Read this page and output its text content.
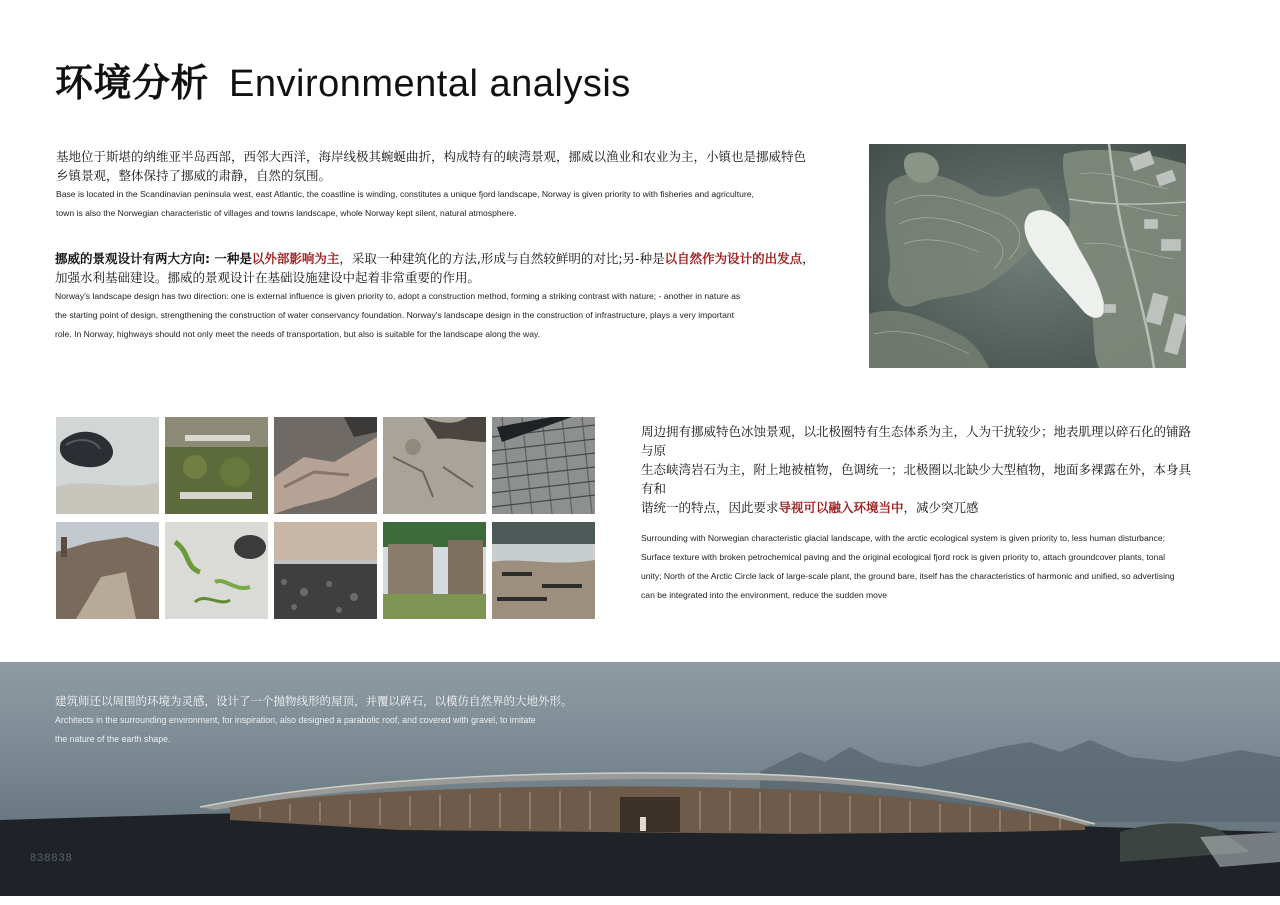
环境分析 Environmental analysis

基地位于斯堪的纳维亚半岛西部，西邻大西洋，海岸线极其蜿蜒曲折，构成特有的峡湾景观，挪威以渔业和农业为主，小镇也是挪威特色

乡镇景观，整体保持了挪威的肃静，自然的氛围。

Base is located in the Scandinavian peninsula west, east Atlantic, the coastline is winding, constitutes a unique fjord landscape, Norway is given priority to with fisheries and agriculture,

town is also the Norwegian characteristic of villages and towns landscape, whole Norway kept silent, natural atmosphere.

挪威的景观设计有两大方向: 一种是以外部影响为主，采取一种建筑化的方法,形成与自然较鲜明的对比;另-种是以自然作为设计的出发点，

加强水利基础建设。挪威的景观设计在基础设施建设中起着非常重要的作用。

Norway's landscape design has two direction: one is external influence is given priority to, adopt a construction method, forming a striking contrast with nature; - another in nature as

the starting point of design, strengthening the construction of water conservancy foundation. Norway's landscape design in the construction of infrastructure, plays a very important

role. In Norway, highways should not only meet the needs of transportation, but also is suitable for the landscape along the way.

周边拥有挪威特色冰蚀景观，以北极圈特有生态体系为主，人为干扰较少；地表肌理以碎石化的铺路与原

生态峡湾岩石为主，附上地被植物，色调统一；北极圈以北缺少大型植物，地面多裸露在外，本身具有和

谐统一的特点，因此要求导视可以融入环境当中，减少突兀感

Surrounding with Norwegian characteristic glacial landscape, with the arctic ecological system is given priority to, less human disturbance;

Surface texture with broken petrochemical paving and the original ecological fjord rock is given priority to, attach groundcover plants, tonal

unity; North of the Arctic Circle lack of large-scale plant, the ground bare, itself has the characteristics of harmonic and unified, so advertising

can be integrated into the environment, reduce the sudden move

建筑师还以周围的环境为灵感，设计了一个抛物线形的屋顶，并覆以碎石，以模仿自然界的大地外形。

Architects in the surrounding environment, for inspiration, also designed a parabolic roof, and covered with gravel, to imitate

the nature of the earth shape.

838838
